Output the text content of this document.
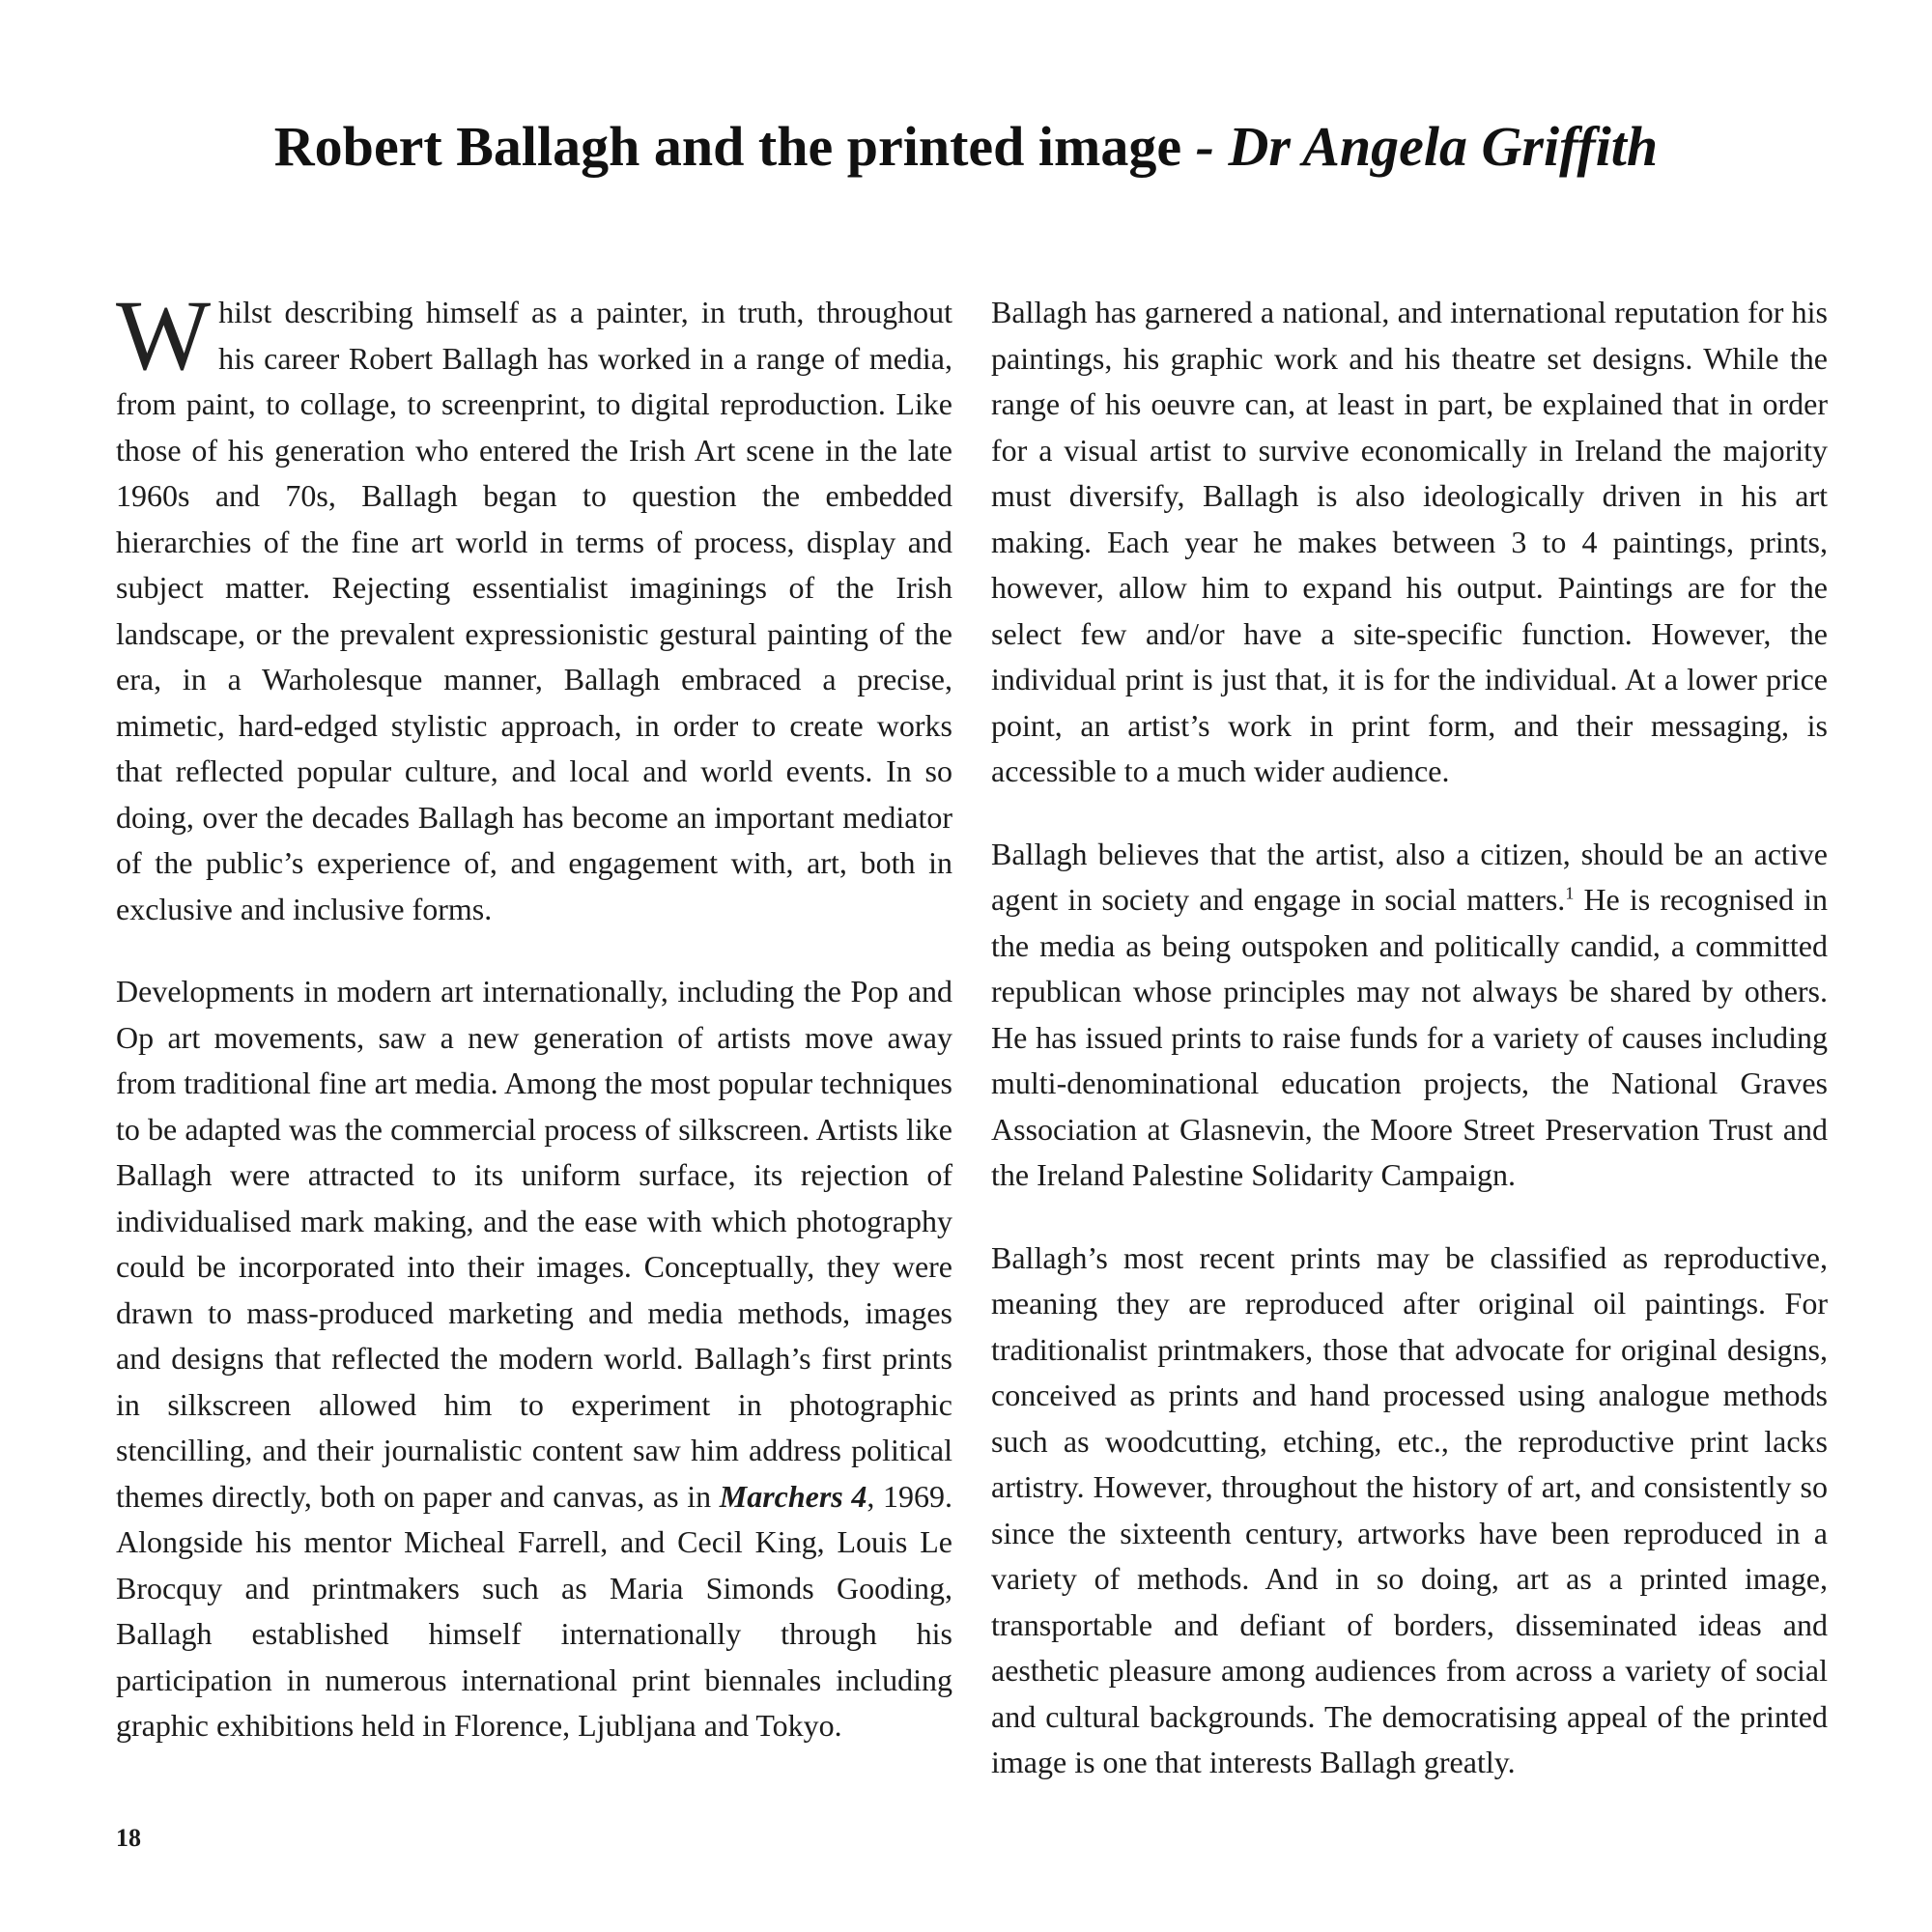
Robert Ballagh and the printed image - Dr Angela Griffith

Whilst describing himself as a painter, in truth, throughout his career Robert Ballagh has worked in a range of media, from paint, to collage, to screenprint, to digital reproduction. Like those of his generation who entered the Irish Art scene in the late 1960s and 70s, Ballagh began to question the embedded hierarchies of the fine art world in terms of process, display and subject matter. Rejecting essentialist imaginings of the Irish landscape, or the prevalent expressionistic gestural painting of the era, in a Warholesque manner, Ballagh embraced a precise, mimetic, hard-edged stylistic approach, in order to create works that reflected popular culture, and local and world events. In so doing, over the decades Ballagh has become an important mediator of the public’s experience of, and engagement with, art, both in exclusive and inclusive forms.

Developments in modern art internationally, including the Pop and Op art movements, saw a new generation of artists move away from traditional fine art media. Among the most popular techniques to be adapted was the commercial process of silkscreen. Artists like Ballagh were attracted to its uniform surface, its rejection of individualised mark making, and the ease with which photography could be incorporated into their images. Conceptually, they were drawn to mass-produced marketing and media methods, images and designs that reflected the modern world. Ballagh’s first prints in silkscreen allowed him to experiment in photographic stencilling, and their journalistic content saw him address political themes directly, both on paper and canvas, as in Marchers 4, 1969. Alongside his mentor Micheal Farrell, and Cecil King, Louis Le Brocquy and printmakers such as Maria Simonds Gooding, Ballagh established himself internationally through his participation in numerous international print biennales including graphic exhibitions held in Florence, Ljubljana and Tokyo.

Ballagh has garnered a national, and international reputation for his paintings, his graphic work and his theatre set designs. While the range of his oeuvre can, at least in part, be explained that in order for a visual artist to survive economically in Ireland the majority must diversify, Ballagh is also ideologically driven in his art making. Each year he makes between 3 to 4 paintings, prints, however, allow him to expand his output. Paintings are for the select few and/or have a site-specific function. However, the individual print is just that, it is for the individual. At a lower price point, an artist’s work in print form, and their messaging, is accessible to a much wider audience.

Ballagh believes that the artist, also a citizen, should be an active agent in society and engage in social matters.$^1$ He is recognised in the media as being outspoken and politically candid, a committed republican whose principles may not always be shared by others. He has issued prints to raise funds for a variety of causes including multi-denominational education projects, the National Graves Association at Glasnevin, the Moore Street Preservation Trust and the Ireland Palestine Solidarity Campaign.

Ballagh’s most recent prints may be classified as reproductive, meaning they are reproduced after original oil paintings. For traditionalist printmakers, those that advocate for original designs, conceived as prints and hand processed using analogue methods such as woodcutting, etching, etc., the reproductive print lacks artistry. However, throughout the history of art, and consistently so since the sixteenth century, artworks have been reproduced in a variety of methods. And in so doing, art as a printed image, transportable and defiant of borders, disseminated ideas and aesthetic pleasure among audiences from across a variety of social and cultural backgrounds. The democratising appeal of the printed image is one that interests Ballagh greatly.

18
